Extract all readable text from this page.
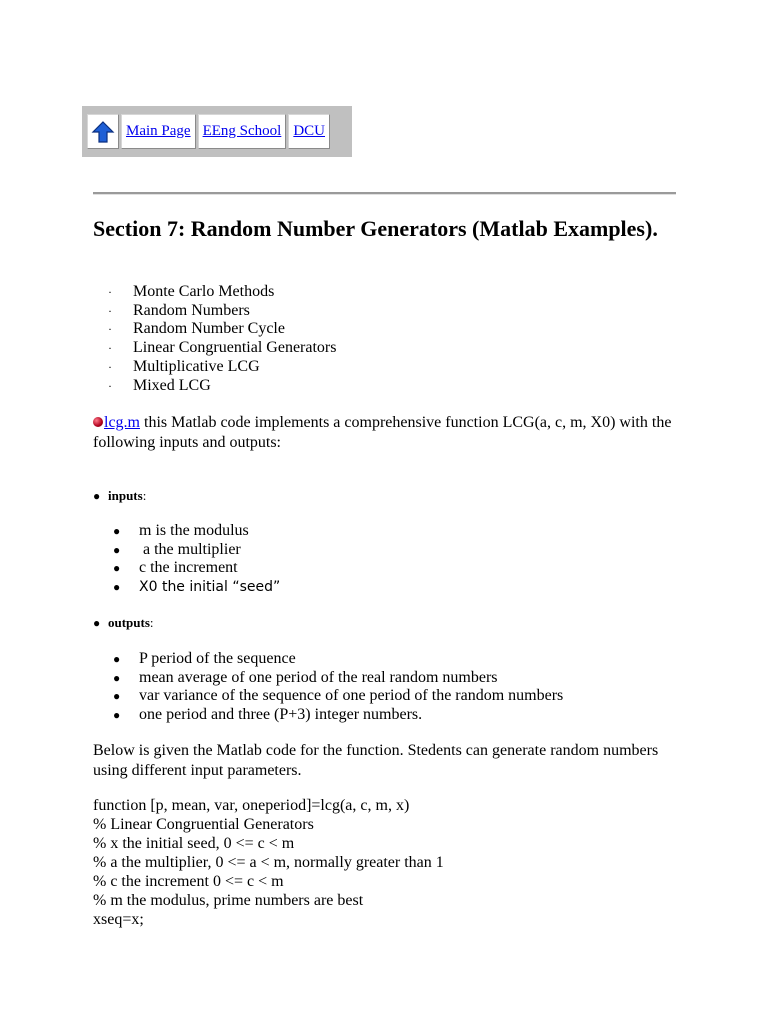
Main Page EEng School DCU
Section 7: Random Number Generators (Matlab Examples).
·	Monte Carlo Methods
·	Random Numbers
·	Random Number Cycle
·	Linear Congruential Generators
·	Multiplicative LCG
·	Mixed LCG

lcg.m this Matlab code implements a comprehensive function LCG(a, c, m, X0) with the following inputs and outputs:

● inputs:

●	m is the modulus
●	a the multiplier
●	c the increment
●	X0 the initial “seed”

● outputs:

●	P period of the sequence
●	mean average of one period of the real random numbers
●	var variance of the sequence of one period of the random numbers
●	one period and three (P+3) integer numbers.

Below is given the Matlab code for the function. Stedents can generate random numbers using different input parameters.

function [p, mean, var, oneperiod]=lcg(a, c, m, x)
% Linear Congruential Generators
% x the initial seed, 0 <= c < m
% a the multiplier, 0 <= a < m, normally greater than 1
% c the increment 0 <= c < m
% m the modulus, prime numbers are best
xseq=x;
